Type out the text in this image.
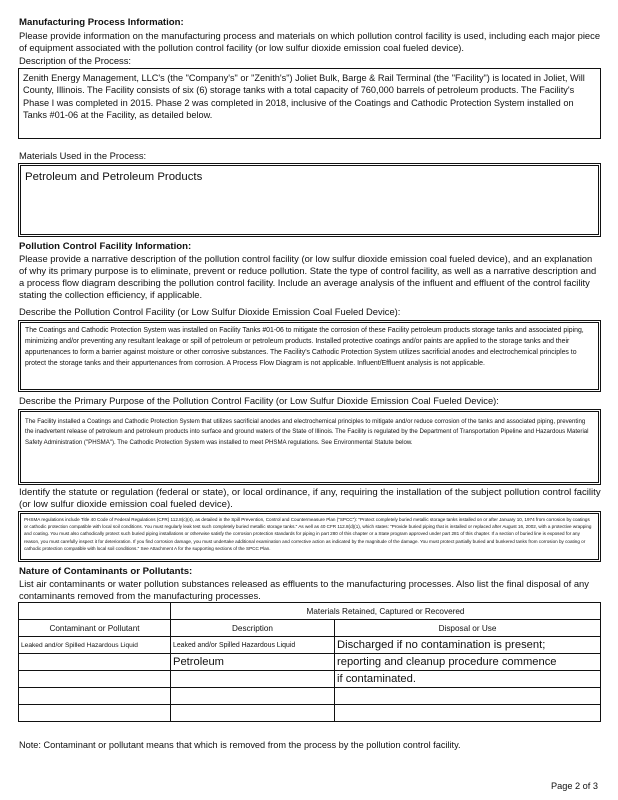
Manufacturing Process Information:
Please provide information on the manufacturing process and materials on which pollution control facility is used, including each major piece of equipment associated with the pollution control facility (or low sulfur dioxide emission coal fueled device).
Description of the Process:
Zenith Energy Management, LLC's (the "Company's" or "Zenith's") Joliet Bulk, Barge & Rail Terminal (the "Facility") is located in Joliet, Will County, Illinois. The Facility consists of six (6) storage tanks with a total capacity of 760,000 barrels of petroleum products. The Facility's Phase I was completed in 2015. Phase 2 was completed in 2018, inclusive of the Coatings and Cathodic Protection System installed on Tanks #01-06 at the Facility, as detailed below.
Materials Used in the Process:
Petroleum and Petroleum Products
Pollution Control Facility Information:
Please provide a narrative description of the pollution control facility (or low sulfur dioxide emission coal fueled device), and an explanation of why its primary purpose is to eliminate, prevent or reduce pollution. State the type of control facility, as well as a narrative description and a process flow diagram describing the pollution control facility. Include an average analysis of the influent and effluent of the control facility stating the collection efficiency, if applicable.
Describe the Pollution Control Facility (or Low Sulfur Dioxide Emission Coal Fueled Device):
The Coatings and Cathodic Protection System was installed on Facility Tanks #01-06 to mitigate the corrosion of these Facility petroleum products storage tanks and associated piping, minimizing and/or preventing any resultant leakage or spill of petroleum or petroleum products. Installed protective coatings and/or paints are applied to the storage tanks and their appurtenances to form a barrier against moisture or other corrosive substances. The Facility's Cathodic Protection System utilizes sacrificial anodes and electrochemical principles to protect the storage tanks and their appurtenances from corrosion. A Process Flow Diagram is not applicable. Influent/Effluent analysis is not applicable.
Describe the Primary Purpose of the Pollution Control Facility (or Low Sulfur Dioxide Emission Coal Fueled Device):
The Facility installed a Coatings and Cathodic Protection System that utilizes sacrificial anodes and electrochemical principles to mitigate and/or reduce corrosion of the tanks and associated piping, preventing the inadvertent release of petroleum and petroleum products into surface and ground waters of the State of Illinois. The Facility is regulated by the Department of Transportation Pipeline and Hazardous Material Safety Administration ("PHSMA"). The Cathodic Protection System was installed to meet PHSMA regulations. See Environmental Statute below.
Identify the statute or regulation (federal or state), or local ordinance, if any, requiring the installation of the subject pollution control facility (or low sulfur dioxide emission coal fueled device).
PHSMA regulations include Title 40 Code of Federal Regulations (CFR) 112.8(c)(4), as detailed in the Spill Prevention, Control and Countermeasure Plan ("SPCC"): "Protect completely buried metallic storage tanks installed on or after January 10, 1974 from corrosion by coatings or cathodic protection compatible with local soil conditions. You must regularly leak test such completely buried metallic storage tanks." As well as 40 CFR 112.8(d)(1), which states: "Provide buried piping that is installed or replaced after August 16, 2002, with a protective wrapping and coating. You must also cathodically protect such buried piping installations or otherwise satisfy the corrosion protection standards for piping in part 280 of this chapter or a State program approved under part 281 of this chapter. If a section of buried line is exposed for any reason, you must carefully inspect it for deterioration. If you find corrosion damage, you must undertake additional examination and corrective action as indicated by the magnitude of the damage. You must protect partially buried and bunkered tanks from corrosion by coating or cathodic protection compatible with local soil conditions." See Attachment A for the supporting sections of the SPCC Plan.
Nature of Contaminants or Pollutants:
List air contaminants or water pollution substances released as effluents to the manufacturing processes. Also list the final disposal of any contaminants removed from the manufacturing processes.
	Materials Retained, Captured or Recovered	
Contaminant or Pollutant	Description	Disposal or Use
Leaked and/or Spilled Hazardous Liquid	Leaked and/or Spilled Hazardous Liquid	Discharged if no contamination is present;
	Petroleum	reporting and cleanup procedure commence
		if contaminated.

Note: Contaminant or pollutant means that which is removed from the process by the pollution control facility.
Page 2 of 3
